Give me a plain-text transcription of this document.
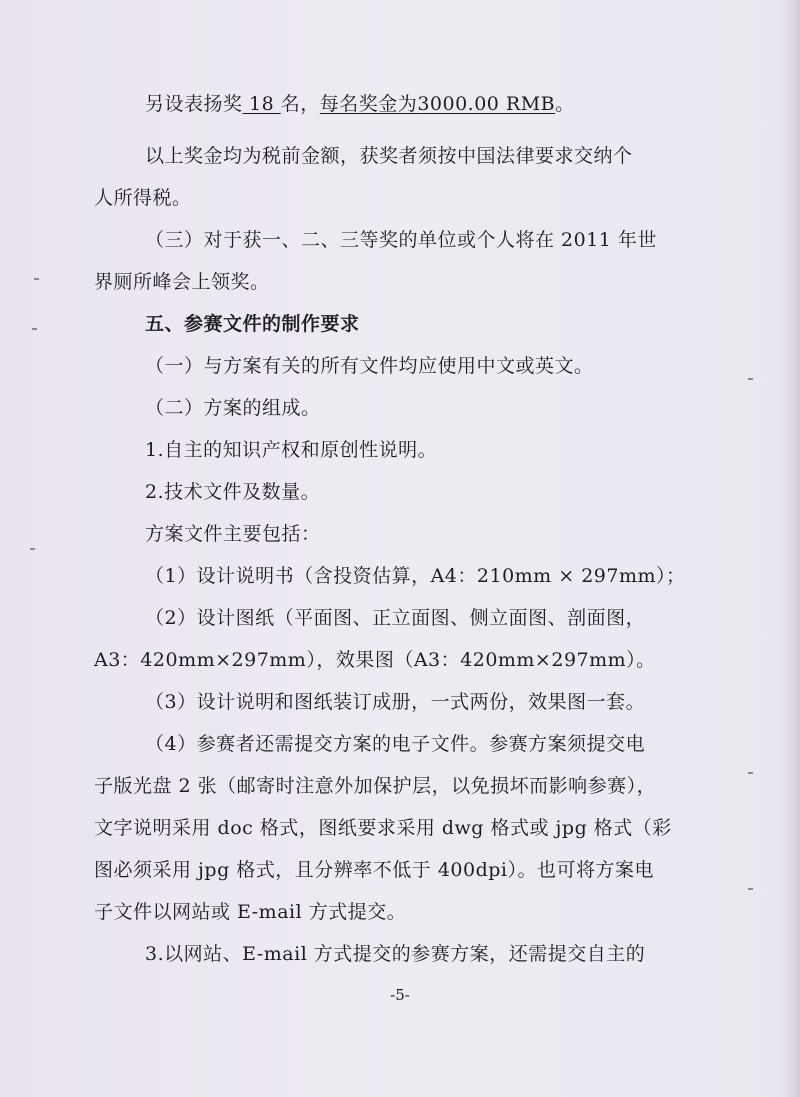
另设表扬奖 18 名，每名奖金为3000.00 RMB。
以上奖金均为税前金额，获奖者须按中国法律要求交纳个
人所得税。
（三）对于获一、二、三等奖的单位或个人将在 2011 年世
界厕所峰会上领奖。
五、参赛文件的制作要求
（一）与方案有关的所有文件均应使用中文或英文。
（二）方案的组成。
1.自主的知识产权和原创性说明。
2.技术文件及数量。
方案文件主要包括：
（1）设计说明书（含投资估算，A4：210mm × 297mm）；
（2）设计图纸（平面图、正立面图、侧立面图、剖面图，
A3：420mm×297mm），效果图（A3：420mm×297mm）。
（3）设计说明和图纸装订成册，一式两份，效果图一套。
（4）参赛者还需提交方案的电子文件。参赛方案须提交电
子版光盘 2 张（邮寄时注意外加保护层，以免损坏而影响参赛），
文字说明采用 doc 格式，图纸要求采用 dwg 格式或 jpg 格式（彩
图必须采用 jpg 格式，且分辨率不低于 400dpi）。也可将方案电
子文件以网站或 E-mail 方式提交。
3.以网站、E-mail 方式提交的参赛方案，还需提交自主的
-5-
